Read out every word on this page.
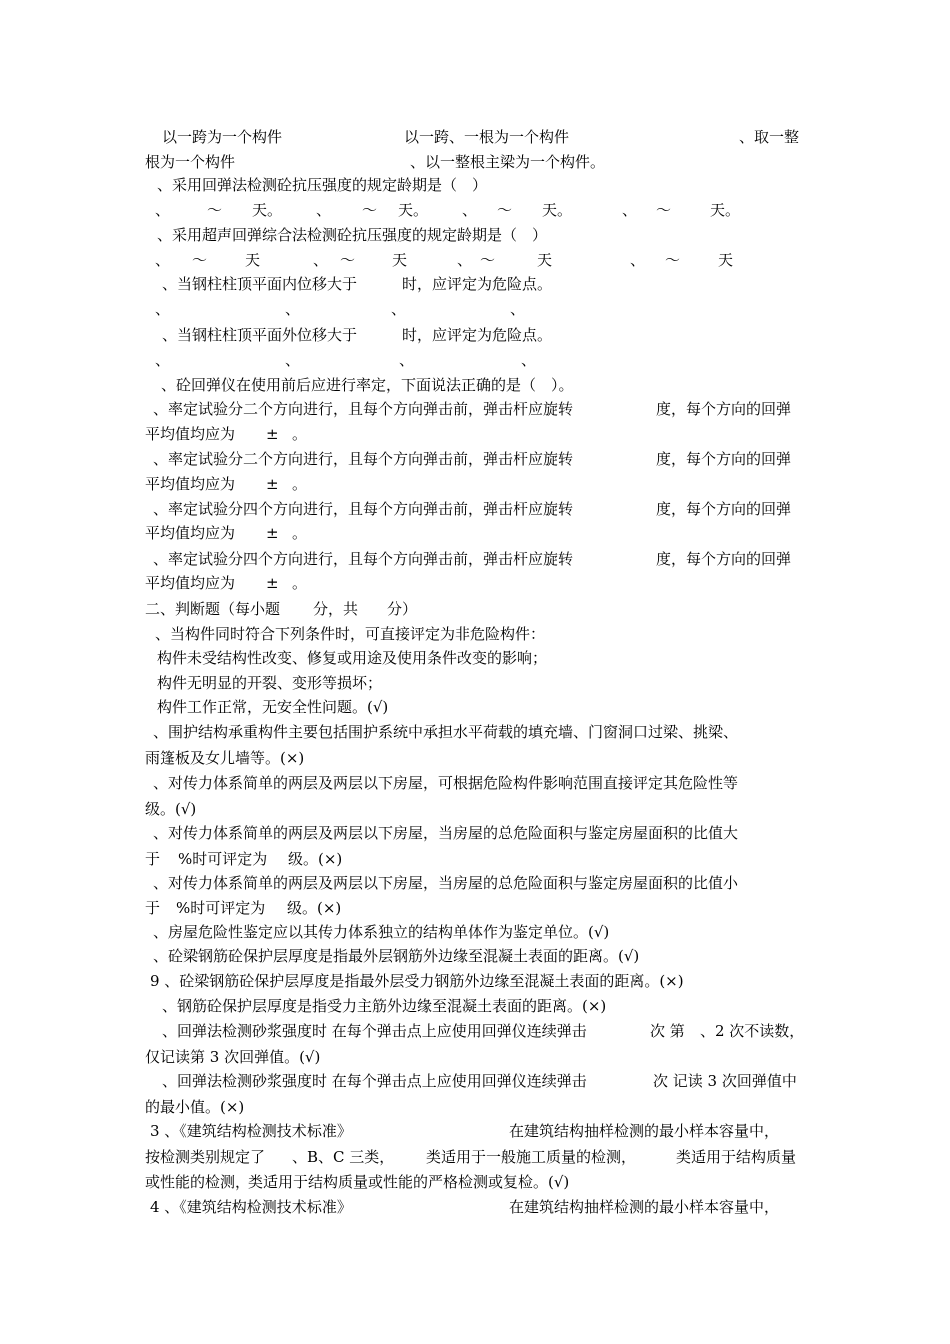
以一跨为一个构件	以一跨、一根为一个构件	、取一整
根为一个构件	、以一整根主梁为一个构件。
、采用回弹法检测砼抗压强度的规定龄期是（　）
、 ～ 天。 、 ～ 天。 、 ～ 天。	、 ～	天。
、采用超声回弹综合法检测砼抗压强度的规定龄期是（　）
、 ～	天	、 ～ 天	、 ～	天	、 ～	天
、当钢柱柱顶平面内位移大于	时，应评定为危险点。
、	、	、	、
、当钢柱柱顶平面外位移大于	时，应评定为危险点。
、	、	、	、
、砼回弹仪在使用前后应进行率定，下面说法正确的是（　）。
、率定试验分二个方向进行，且每个方向弹击前，弹击杆应旋转	度，每个方向的回弹
平均值均应为 ± 。
、率定试验分二个方向进行，且每个方向弹击前，弹击杆应旋转	度，每个方向的回弹
平均值均应为 ± 。
、率定试验分四个方向进行，且每个方向弹击前，弹击杆应旋转	度，每个方向的回弹
平均值均应为 ± 。
、率定试验分四个方向进行，且每个方向弹击前，弹击杆应旋转	度，每个方向的回弹
平均值均应为 ± 。
二、判断题（每小题 分，共 分）
、当构件同时符合下列条件时，可直接评定为非危险构件：
构件未受结构性改变、修复或用途及使用条件改变的影响；
构件无明显的开裂、变形等损坏；
构件工作正常，无安全性问题。(√)
、围护结构承重构件主要包括围护系统中承担水平荷载的填充墙、门窗洞口过梁、挑梁、
雨篷板及女儿墙等。(×)
、对传力体系简单的两层及两层以下房屋，可根据危险构件影响范围直接评定其危险性等
级。(√)
、对传力体系简单的两层及两层以下房屋，当房屋的总危险面积与鉴定房屋面积的比值大
于 %时可评定为 级。(×)
、对传力体系简单的两层及两层以下房屋，当房屋的总危险面积与鉴定房屋面积的比值小
于 %时可评定为 级。(×)
、房屋危险性鉴定应以其传力体系独立的结构单体作为鉴定单位。(√)
、砼梁钢筋砼保护层厚度是指最外层钢筋外边缘至混凝土表面的距离。(√)
9 、砼梁钢筋砼保护层厚度是指最外层受力钢筋外边缘至混凝土表面的距离。(×)
、钢筋砼保护层厚度是指受力主筋外边缘至混凝土表面的距离。(×)
、回弹法检测砂浆强度时 在每个弹击点上应使用回弹仪连续弹击	次 第 、2 次不读数，
仅记读第 3 次回弹值。(√)
、回弹法检测砂浆强度时 在每个弹击点上应使用回弹仪连续弹击	次 记读 3 次回弹值中
的最小值。(×)
3 、《建筑结构检测技术标准》	在建筑结构抽样检测的最小样本容量中，
按检测类别规定了 、B、C 三类， 类适用于一般施工质量的检测，	类适用于结构质量
或性能的检测，
类适用于结构质量或性能的严格检测或复检。(√)
4 、《建筑结构检测技术标准》	在建筑结构抽样检测的最小样本容量中，
